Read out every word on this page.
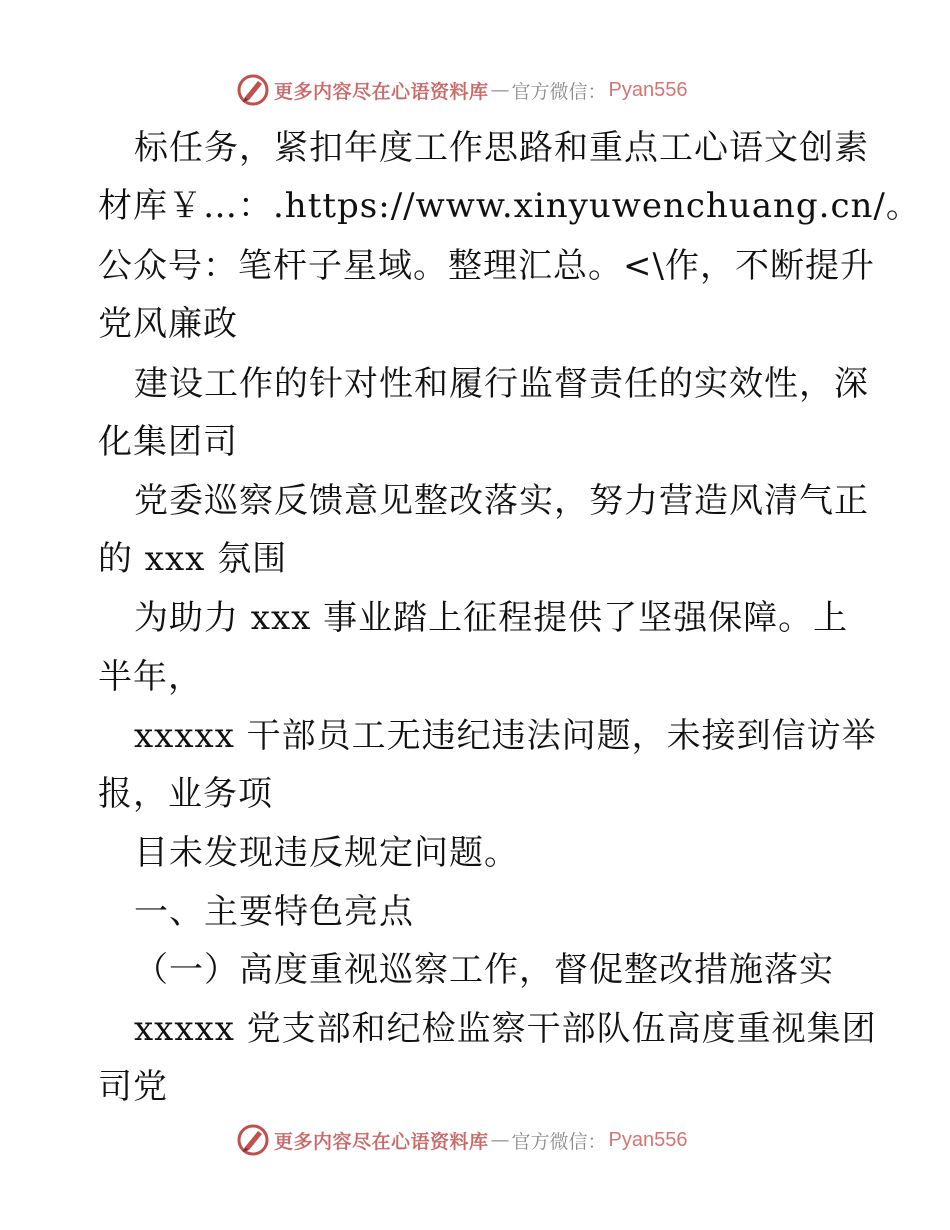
更多内容尽在心语资料库 — 官方微信： Pyan556
标任务，紧扣年度工作思路和重点工心语文创素
材库￥…：.https://www.xinyuwenchuang.cn/。
公众号：笔杆子星域。整理汇总。<\作，不断提升
党风廉政
建设工作的针对性和履行监督责任的实效性，深
化集团司
党委巡察反馈意见整改落实，努力营造风清气正
的 xxx 氛围
为助力 xxx 事业踏上征程提供了坚强保障。上
半年，
xxxxx 干部员工无违纪违法问题，未接到信访举
报，业务项
目未发现违反规定问题。
一、主要特色亮点
（一）高度重视巡察工作，督促整改措施落实
xxxxx 党支部和纪检监察干部队伍高度重视集团
司党
更多内容尽在心语资料库 — 官方微信： Pyan556
